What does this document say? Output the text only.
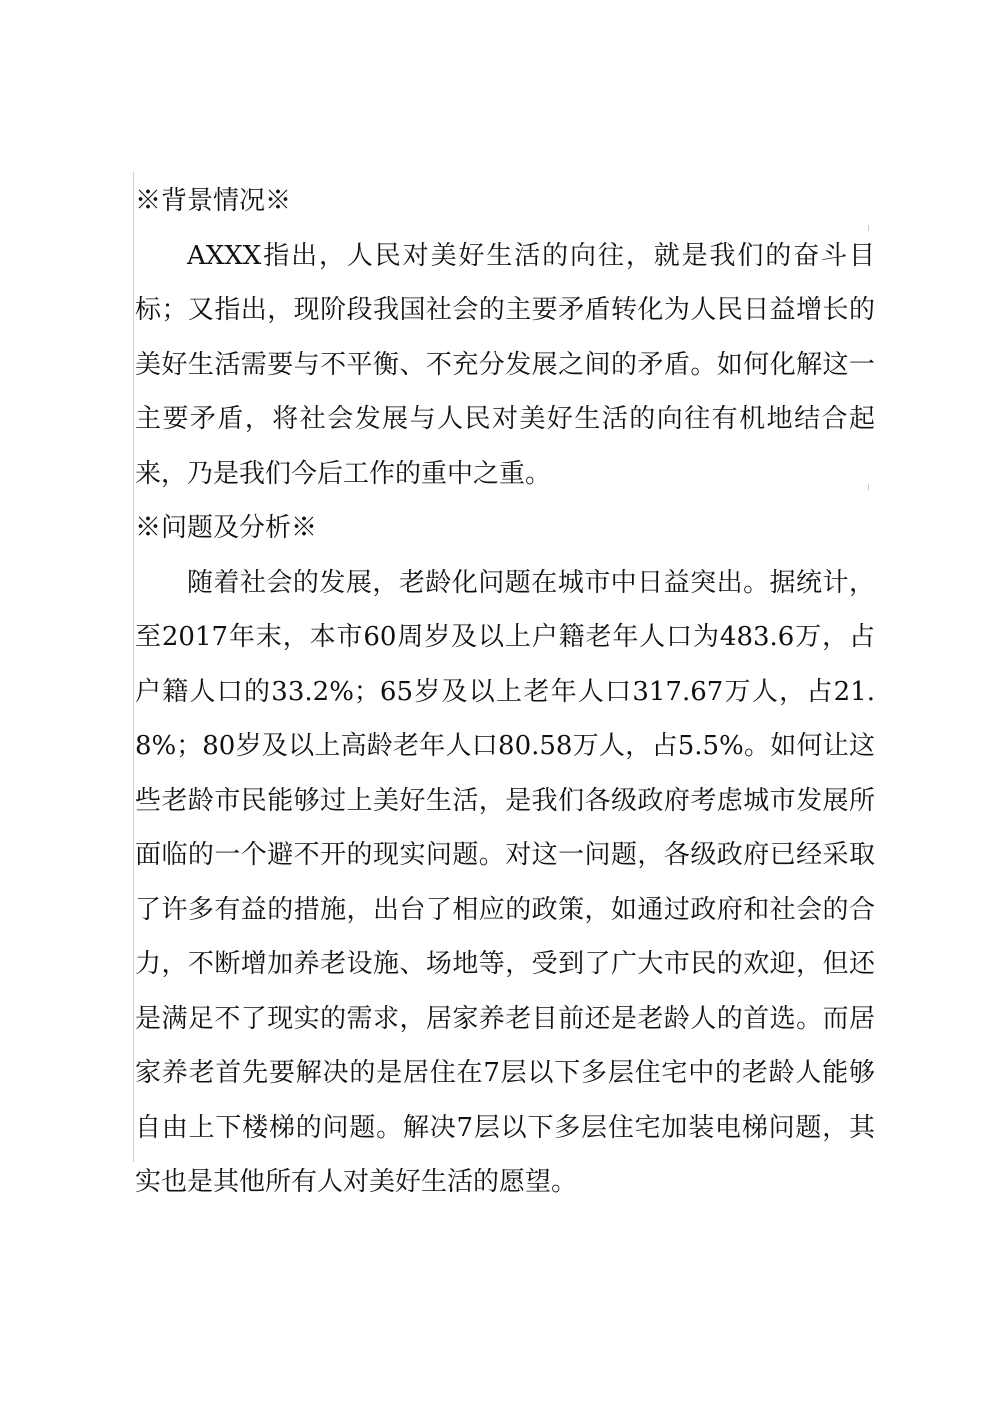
※背景情况※

AXXX指出，人民对美好生活的向往，就是我们的奋斗目标；又指出，现阶段我国社会的主要矛盾转化为人民日益增长的美好生活需要与不平衡、不充分发展之间的矛盾。如何化解这一主要矛盾，将社会发展与人民对美好生活的向往有机地结合起来，乃是我们今后工作的重中之重。

※问题及分析※

随着社会的发展，老龄化问题在城市中日益突出。据统计，至2017年末，本市60周岁及以上户籍老年人口为483.6万，占户籍人口的33.2%；65岁及以上老年人口317.67万人，占21.8%；80岁及以上高龄老年人口80.58万人，占5.5%。如何让这些老龄市民能够过上美好生活，是我们各级政府考虑城市发展所面临的一个避不开的现实问题。对这一问题，各级政府已经采取了许多有益的措施，出台了相应的政策，如通过政府和社会的合力，不断增加养老设施、场地等，受到了广大市民的欢迎，但还是满足不了现实的需求，居家养老目前还是老龄人的首选。而居家养老首先要解决的是居住在7层以下多层住宅中的老龄人能够自由上下楼梯的问题。解决7层以下多层住宅加装电梯问题，其实也是其他所有人对美好生活的愿望。
